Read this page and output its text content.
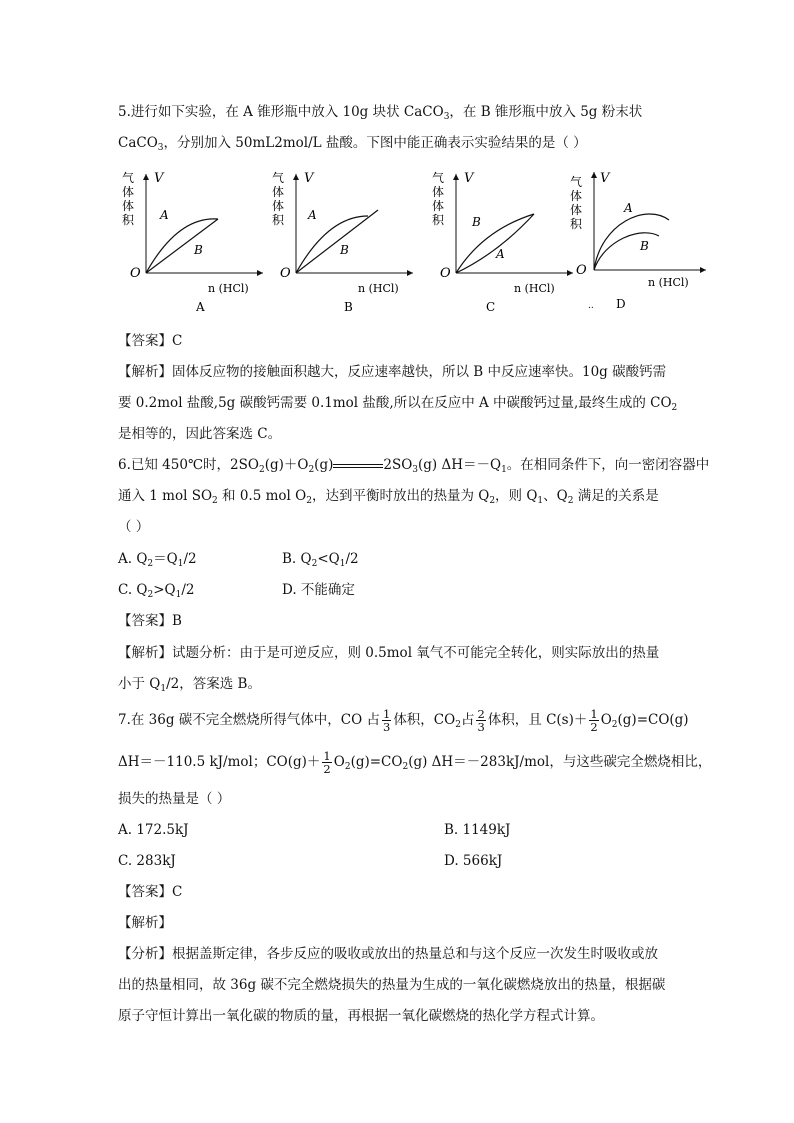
5.进行如下实验，在 A 锥形瓶中放入 10g 块状 CaCO$_3$，在 B 锥形瓶中放入 5g 粉末状
CaCO$_3$，分别加入 50mL2mol/L 盐酸。下图中能正确表示实验结果的是（ ）
V
气
体
体
积
O
A
B
n (HCl)
A
V
气
体
体
积
O
A
B
n (HCl)
B
V
气
体
体
积
O
B
A
n (HCl)
C
V
气
体
体
积
O
A
B
n (HCl)
.. D
【答案】C
【解析】固体反应物的接触面积越大，反应速率越快，所以 B 中反应速率快。10g 碳酸钙需
要 0.2mol 盐酸,5g 碳酸钙需要 0.1mol 盐酸,所以在反应中 A 中碳酸钙过量,最终生成的 $CO_2$
是相等的，因此答案选 C。
6.已知 450℃时，$2SO_2(g)+O_2(g)$	$2SO_3(g)$ $\Delta H=-Q_1$。在相同条件下，向一密闭容器中
通入 1 mol $SO_2$ 和 0.5 mol $O_2$，达到平衡时放出的热量为 $Q_2$，则 $Q_1$、$Q_2$ 满足的关系是
（ ）
A. $Q_2=Q_1/2$	B. $Q_2<Q_1/2$
C. $Q_2>Q_1/2$	D. 不能确定
【答案】B
【解析】试题分析：由于是可逆反应，则 0.5mol 氧气不可能完全转化，则实际放出的热量
小于 $Q_1/2$，答案选 B。
7.在 36g 碳不完全燃烧所得气体中，CO 占 $\frac{1}{3}$ 体积，$CO_2$占 $\frac{2}{3}$ 体积，且 $C(s)+ \frac{1}{2} O_2(g)=CO(g)$
ΔH＝－110.5 kJ/mol；$CO(g)+ \frac{1}{2} O_2(g)=CO_2(g)$ ΔH＝－283kJ/mol，与这些碳完全燃烧相比，
损失的热量是（ ）
A. 172.5kJ	B. 1149kJ
C. 283kJ	D. 566kJ
【答案】C
【解析】
【分析】根据盖斯定律，各步反应的吸收或放出的热量总和与这个反应一次发生时吸收或放
出的热量相同，故 36g 碳不完全燃烧损失的热量为生成的一氧化碳燃烧放出的热量，根据碳
原子守恒计算出一氧化碳的物质的量，再根据一氧化碳燃烧的热化学方程式计算。
